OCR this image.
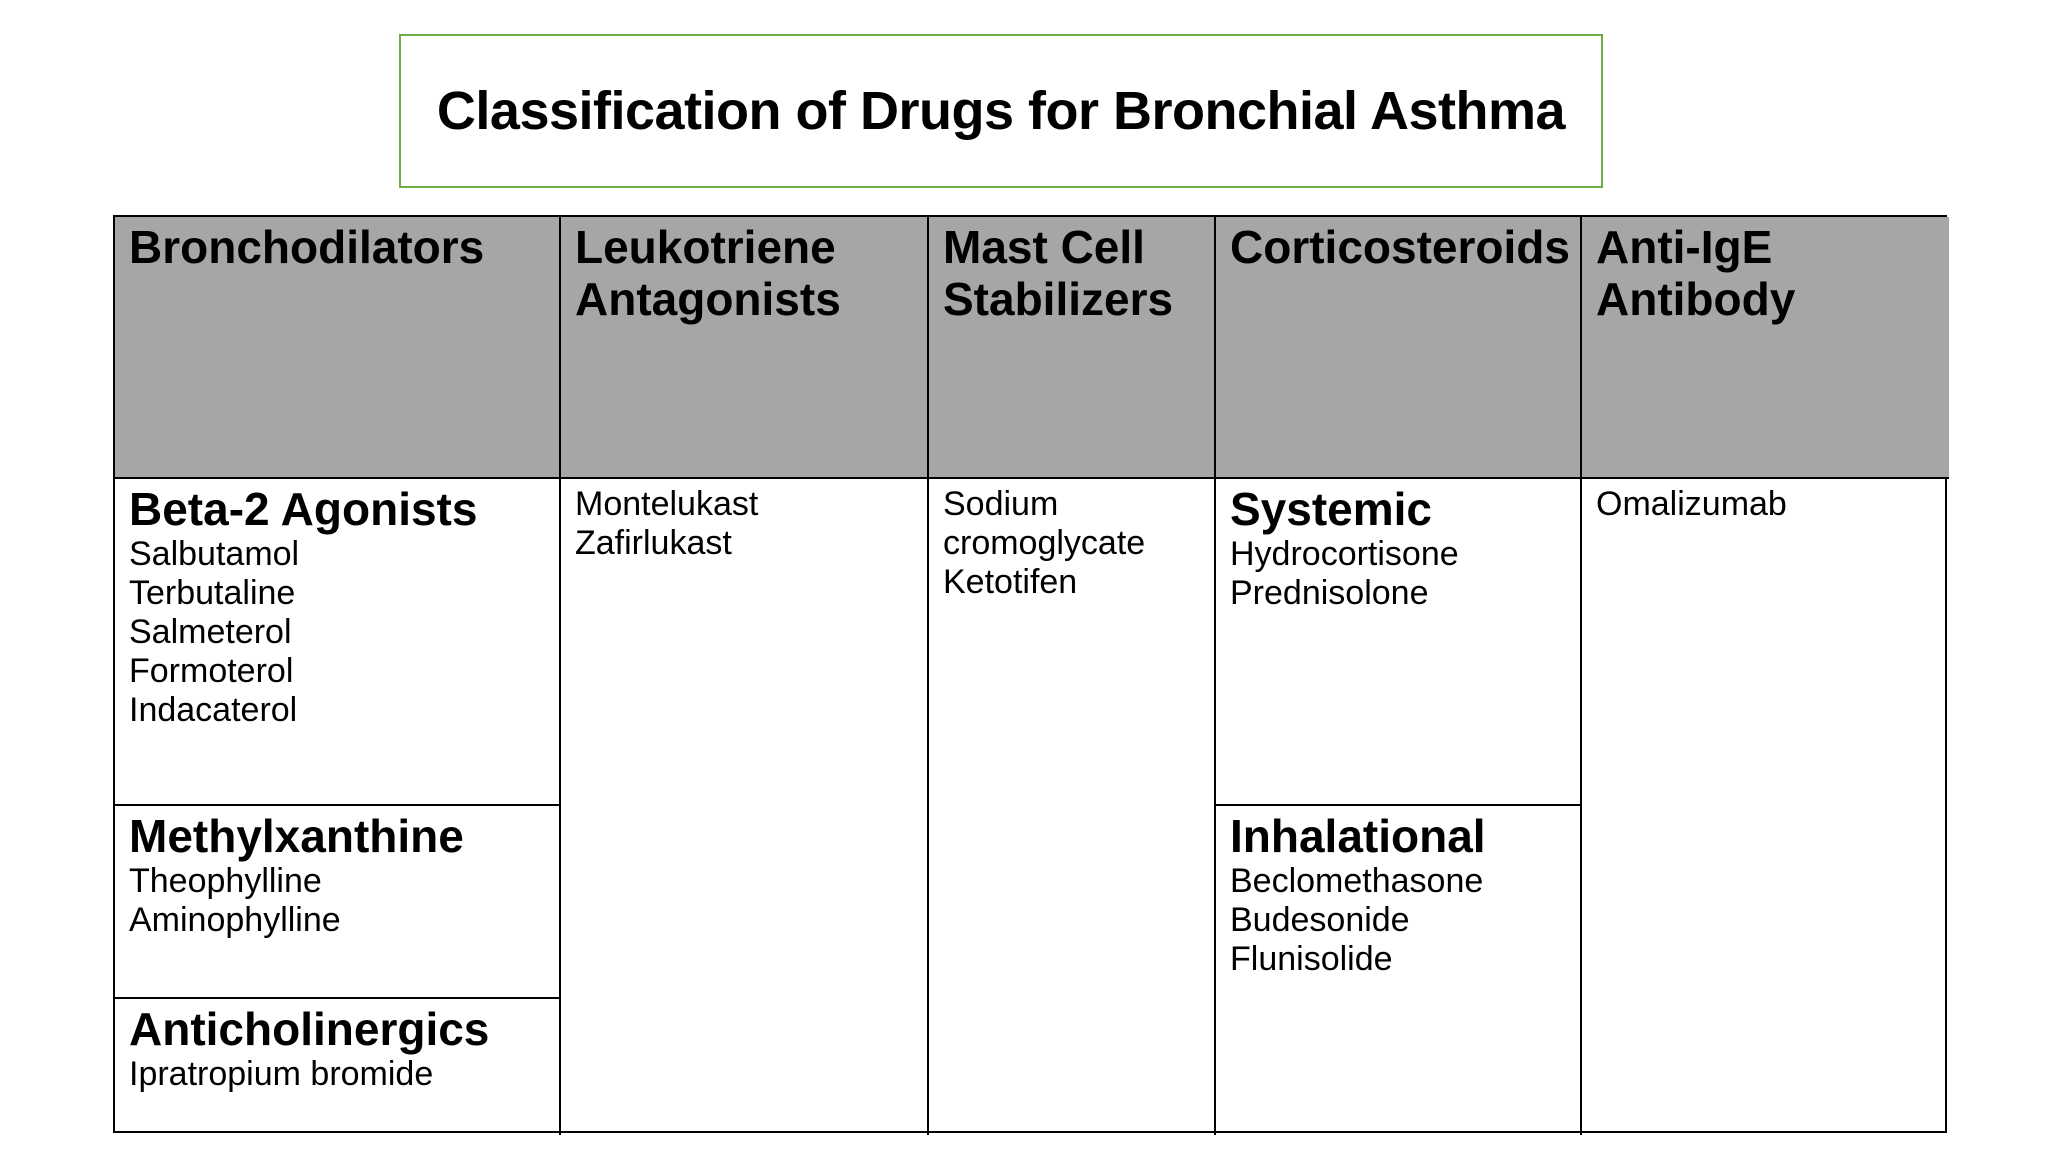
Classification of Drugs for Bronchial Asthma
Bronchodilators	Leukotriene
Antagonists
Mast Cell
Stabilizers
Corticosteroids Anti-IgE
Antibody
Beta-2 Agonists
Salbutamol
Terbutaline
Salmeterol
Formoterol
Indacaterol
Montelukast
Zafirlukast
Sodium
cromoglycate
Ketotifen
Systemic
Hydrocortisone
Prednisolone
Omalizumab
Methylxanthine
Theophylline
Aminophylline
Inhalational
Beclomethasone
Budesonide
Flunisolide
Anticholinergics
Ipratropium bromide
